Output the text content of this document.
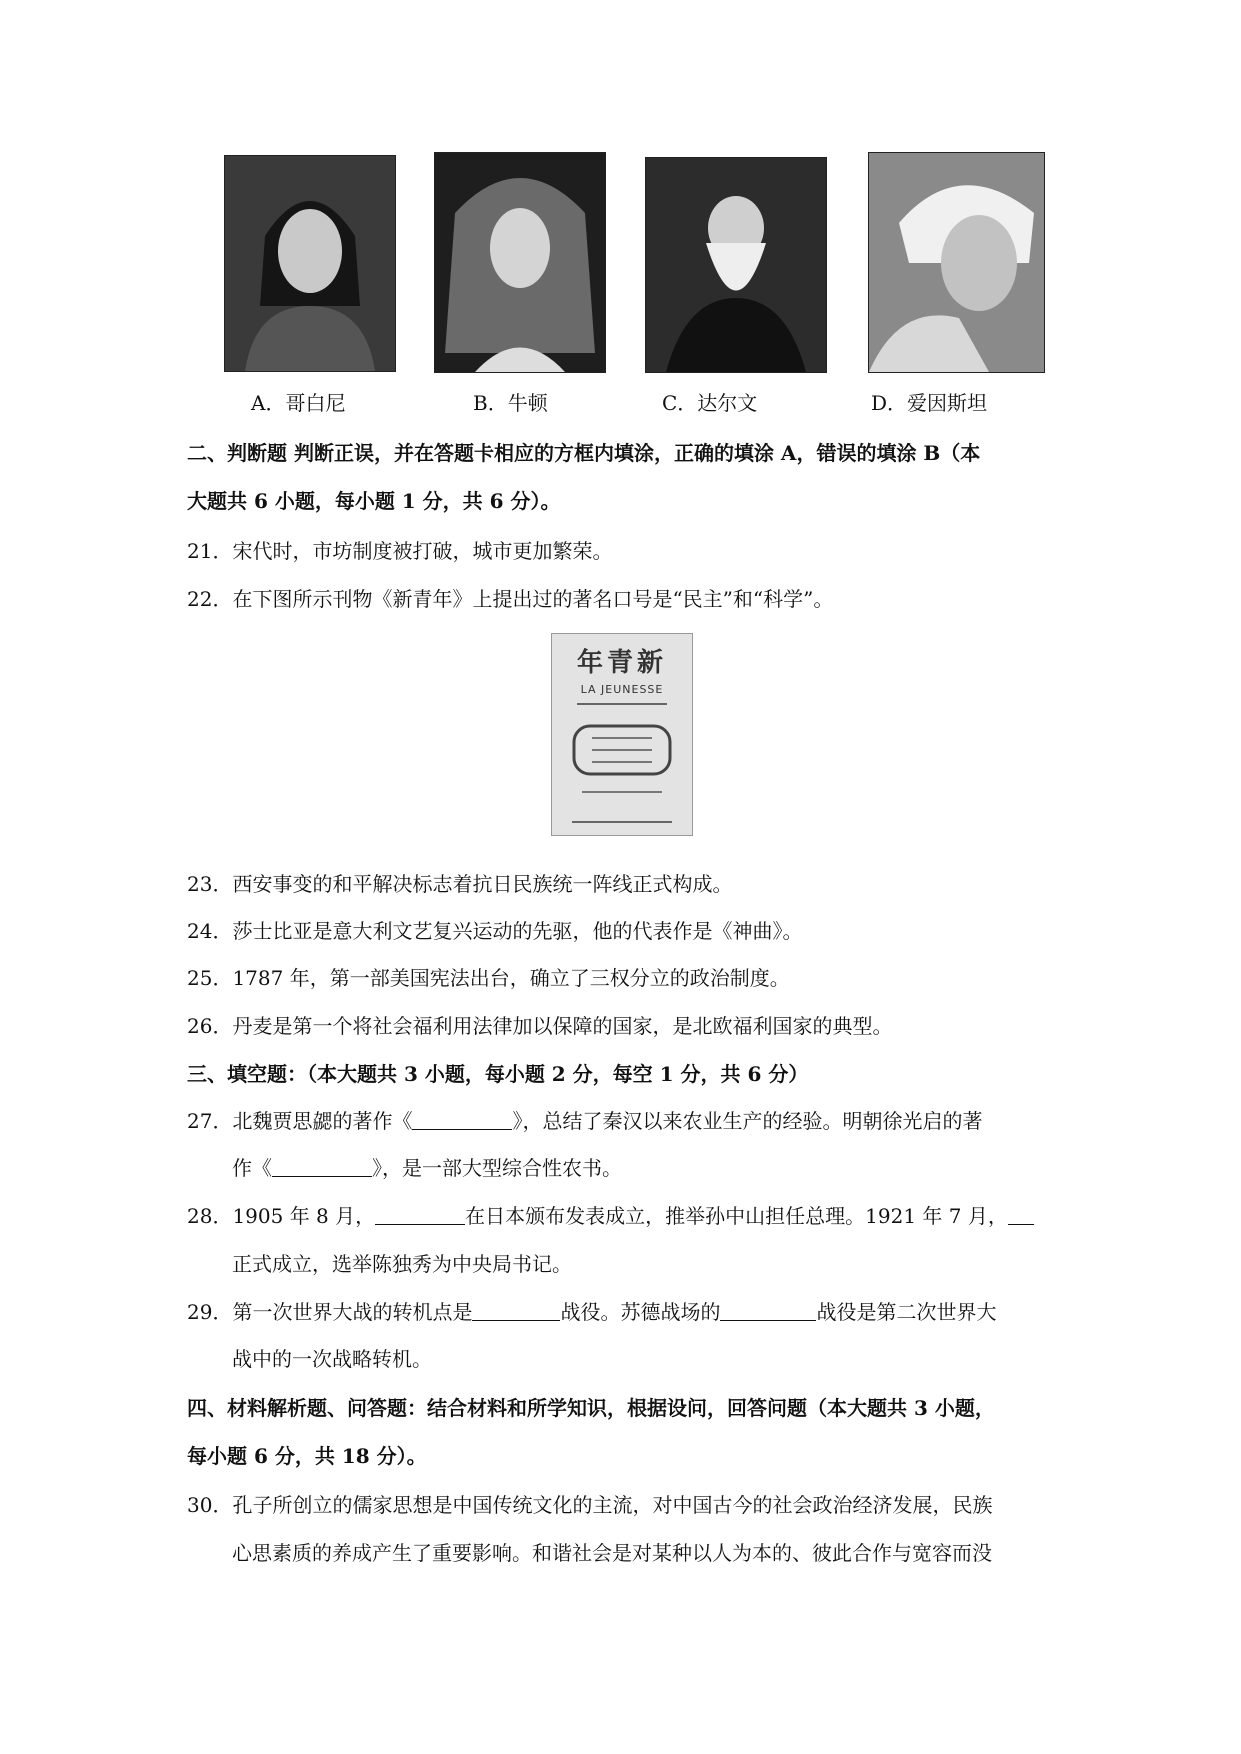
A．哥白尼	B．牛顿	C．达尔文	D．爱因斯坦
二、判断题 判断正误，并在答题卡相应的方框内填涂，正确的填涂 A，错误的填涂 B（本
大题共 6 小题，每小题 1 分，共 6 分）。
21．宋代时，市坊制度被打破，城市更加繁荣。
22．在下图所示刊物《新青年》上提出过的著名口号是“民主”和“科学”。
年青新
LA JEUNESSE
23．西安事变的和平解决标志着抗日民族统一阵线正式构成。
24．莎士比亚是意大利文艺复兴运动的先驱，他的代表作是《神曲》。
25．1787 年，第一部美国宪法出台，确立了三权分立的政治制度。
26．丹麦是第一个将社会福利用法律加以保障的国家，是北欧福利国家的典型。
三、填空题：（本大题共 3 小题，每小题 2 分，每空 1 分，共 6 分）
27．北魏贾思勰的著作《	》，总结了秦汉以来农业生产的经验。明朝徐光启的著
作《	》，是一部大型综合性农书。
28．1905 年 8 月，	在日本颁布发表成立，推举孙中山担任总理。1921 年 7 月，
正式成立，选举陈独秀为中央局书记。
29．第一次世界大战的转机点是	战役。苏德战场的	战役是第二次世界大
战中的一次战略转机。
四、材料解析题、问答题：结合材料和所学知识，根据设问，回答问题（本大题共 3 小题，
每小题 6 分，共 18 分）。
30．孔子所创立的儒家思想是中国传统文化的主流，对中国古今的社会政治经济发展，民族
心思素质的养成产生了重要影响。和谐社会是对某种以人为本的、彼此合作与宽容而没
